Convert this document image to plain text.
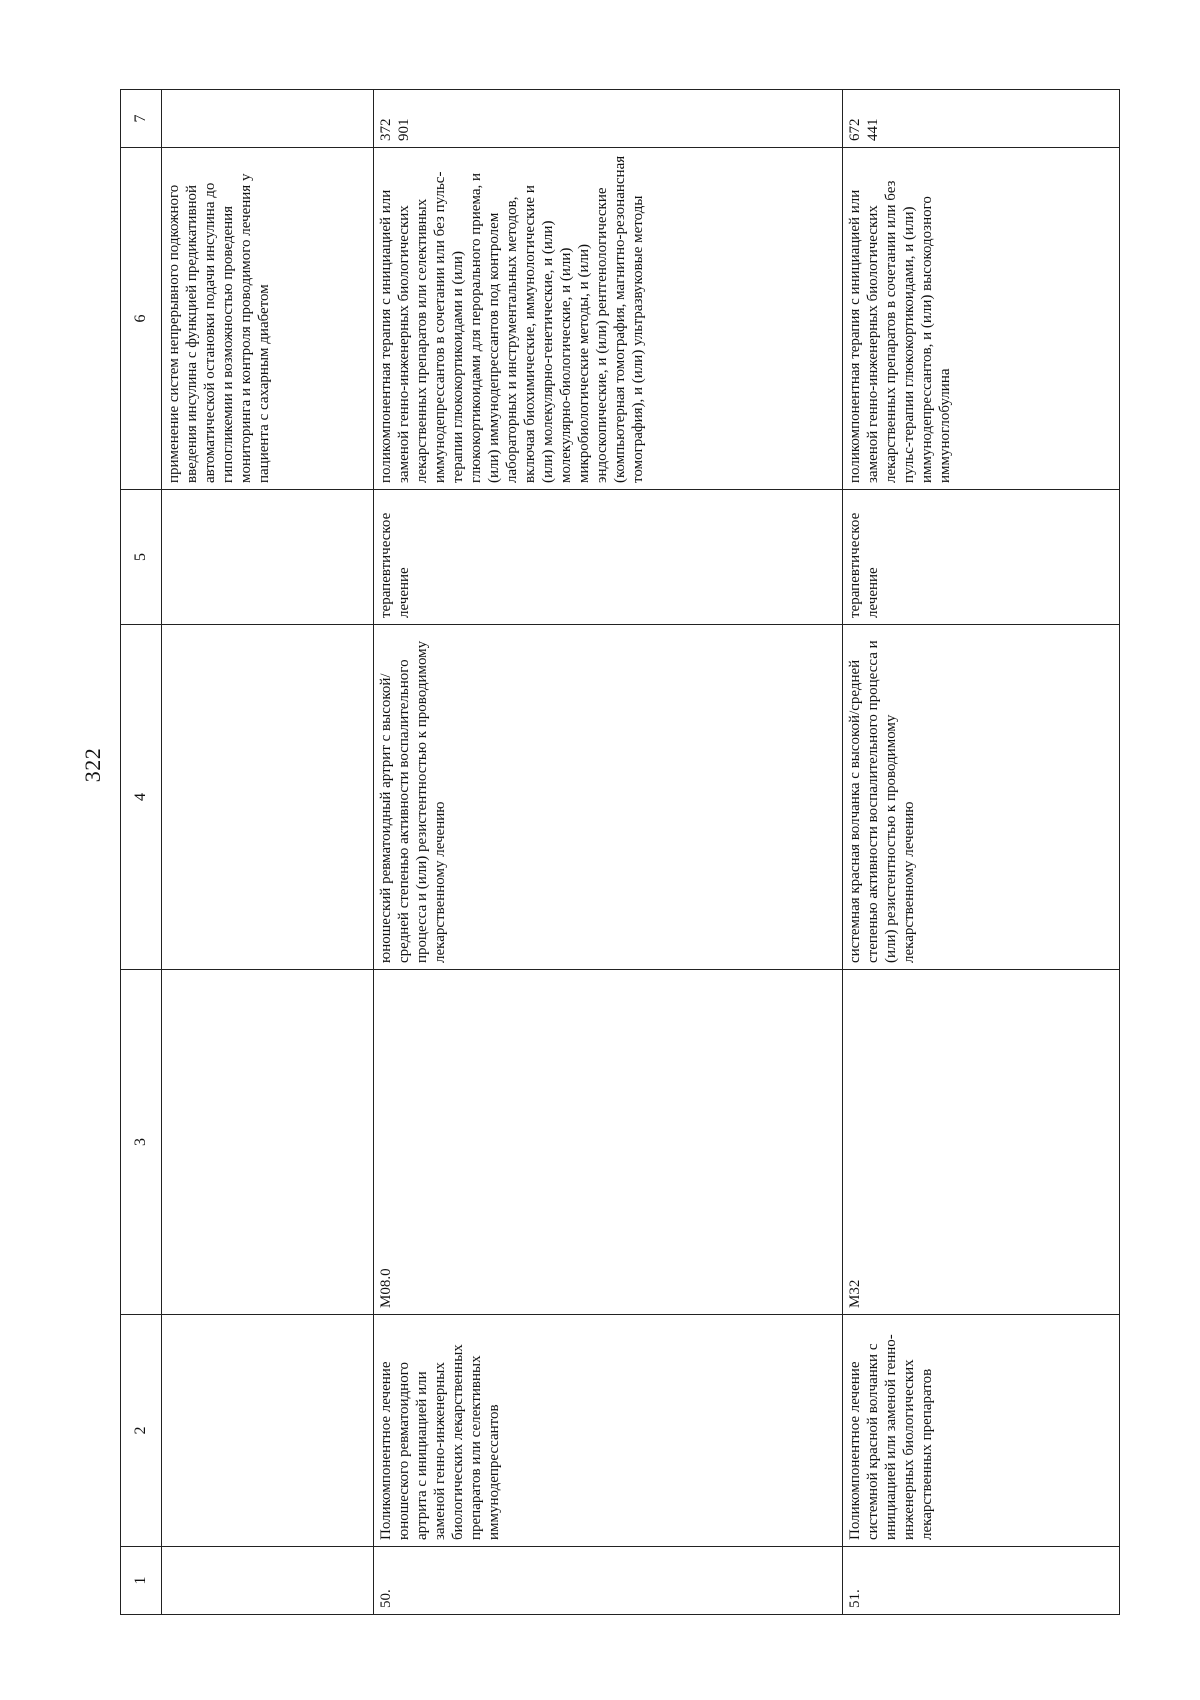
322
1	2	3	4	5	6	7
					применение систем непрерывного подкожного введения инсулина с функцией предикативной автоматической остановки подачи инсулина до гипогликемии и возможностью проведения мониторинга и контроля проводимого лечения у пациента с сахарным диабетом	
50.	Поликомпонентное лечение юношеского ревматоидного артрита с инициацией или заменой генно-инженерных биологических лекарственных препаратов или селективных иммунодепрессантов	M08.0	юношеский ревматоидный артрит с высокой/средней степенью активности воспалительного процесса и (или) резистентностью к проводимому лекарственному лечению	терапевтическое лечение	поликомпонентная терапия с инициацией или заменой генно-инженерных биологических лекарственных препаратов или селективных иммунодепрессантов в сочетании или без пульс-терапии глюкокортикоидами и (или) глюкокортикоидами для перорального приема, и (или) иммунодепрессантов под контролем лабораторных и инструментальных методов, включая биохимические, иммунологические и (или) молекулярно-генетические, и (или) молекулярно-биологические, и (или) микробиологические методы, и (или) эндоскопические, и (или) рентгенологические (компьютерная томография, магнитно-резонансная томография), и (или) ультразвуковые методы	372 901
51.	Поликомпонентное лечение системной красной волчанки с инициацией или заменой генно-инженерных биологических лекарственных препаратов	M32	системная красная волчанка с высокой/средней степенью активности воспалительного процесса и (или) резистентностью к проводимому лекарственному лечению	терапевтическое лечение	поликомпонентная терапия с инициацией или заменой генно-инженерных биологических лекарственных препаратов в сочетании или без пульс-терапии глюкокортикоидами, и (или) иммунодепрессантов, и (или) высокодозного иммуноглобулина	672 441
